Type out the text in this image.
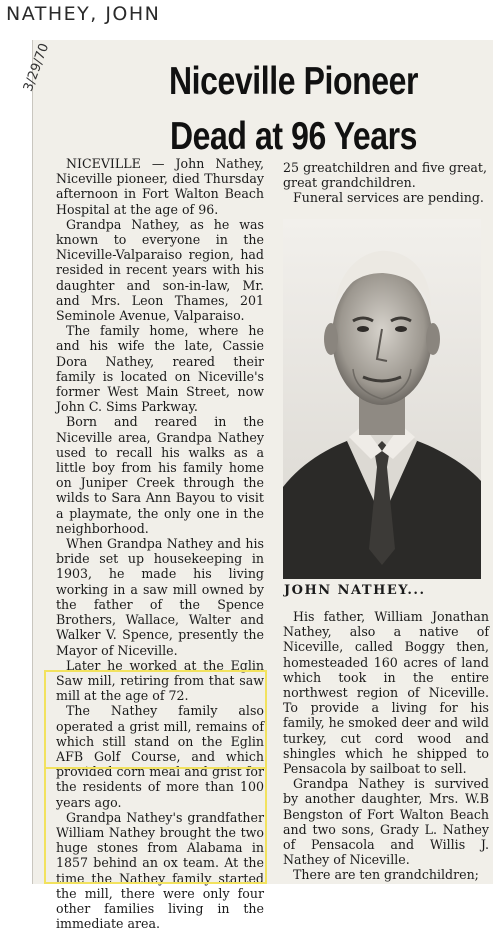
NATHEY, JOHN
3/29/70	Niceville Pioneer
Dead at 96 Years

NICEVILLE — John Nathey, Niceville pioneer, died Thursday afternoon in Fort Walton Beach Hospital at the age of 96.

Grandpa Nathey, as he was known to everyone in the Niceville-Valparaiso region, had resided in recent years with his daughter and son-in-law, Mr. and Mrs. Leon Thames, 201 Seminole Avenue, Valparaiso.

The family home, where he and his wife the late, Cassie Dora Nathey, reared their family is located on Niceville's former West Main Street, now John C. Sims Parkway.

Born and reared in the Niceville area, Grandpa Nathey used to recall his walks as a little boy from his family home on Juniper Creek through the wilds to Sara Ann Bayou to visit a playmate, the only one in the neighborhood.

When Grandpa Nathey and his bride set up housekeeping in 1903, he made his living working in a saw mill owned by the father of the Spence Brothers, Wallace, Walter and Walker V. Spence, presently the Mayor of Niceville.

Later he worked at the Eglin Saw mill, retiring from that saw mill at the age of 72.

The Nathey family also operated a grist mill, remains of which still stand on the Eglin AFB Golf Course, and which provided corn meal and grist for the residents of more than 100 years ago.

Grandpa Nathey's grandfather William Nathey brought the two huge stones from Alabama in 1857 behind an ox team. At the time the Nathey family started the mill, there were only four other families living in the immediate area.

25 greatchildren and five great, great grandchildren.

Funeral services are pending.

JOHN NATHEY...

His father, William Jonathan Nathey, also a native of Niceville, called Boggy then, homesteaded 160 acres of land which took in the entire northwest region of Niceville. To provide a living for his family, he smoked deer and wild turkey, cut cord wood and shingles which he shipped to Pensacola by sailboat to sell.

Grandpa Nathey is survived by another daughter, Mrs. W.B Bengston of Fort Walton Beach and two sons, Grady L. Nathey of Pensacola and Willis J. Nathey of Niceville.

There are ten grandchildren;
